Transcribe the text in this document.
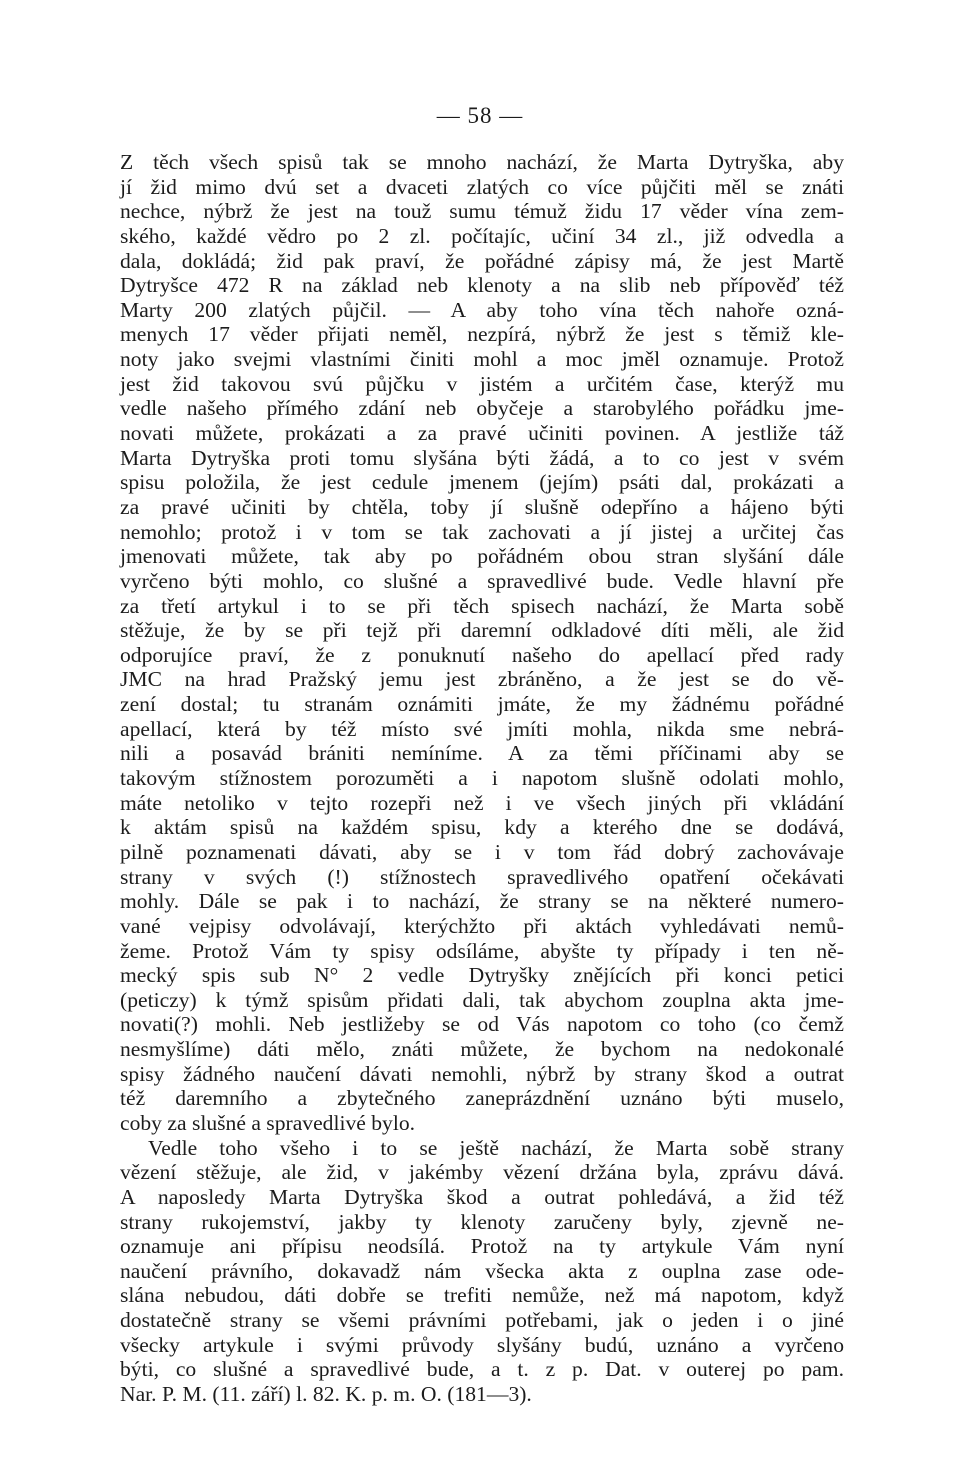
— 58 —
Z těch všech spisů tak se mnoho nachází, že Marta Dytryška, aby
jí žid mimo dvú set a dvaceti zlatých co více půjčiti měl se znáti
nechce, nýbrž že jest na touž sumu témuž židu 17 věder vína zem-
ského, každé vědro po 2 zl. počítajíc, učiní 34 zl., již odvedla a
dala, dokládá; žid pak praví, že pořádné zápisy má, že jest Martě
Dytryšce 472 R na základ neb klenoty a na slib neb přípověď též
Marty 200 zlatých půjčil. — A aby toho vína těch nahoře ozná-
menych 17 věder přijati neměl, nezpírá, nýbrž že jest s těmiž kle-
noty jako svejmi vlastními činiti mohl a moc jměl oznamuje. Protož
jest žid takovou svú půjčku v jistém a určitém čase, kterýž mu
vedle našeho přímého zdání neb obyčeje a starobylého pořádku jme-
novati můžete, prokázati a za pravé učiniti povinen. A jestliže táž
Marta Dytryška proti tomu slyšána býti žádá, a to co jest v svém
spisu položila, že jest cedule jmenem (jejím) psáti dal, prokázati a
za pravé učiniti by chtěla, toby jí slušně odepříno a hájeno býti
nemohlo; protož i v tom se tak zachovati a jí jistej a určitej čas
jmenovati můžete, tak aby po pořádném obou stran slyšání dále
vyrčeno býti mohlo, co slušné a spravedlivé bude. Vedle hlavní pře
za třetí artykul i to se při těch spisech nachází, že Marta sobě
stěžuje, že by se při tejž při daremní odkladové díti měli, ale žid
odporujíce praví, že z ponuknutí našeho do apellací před rady
JMC na hrad Pražský jemu jest zbráněno, a že jest se do vě-
zení dostal; tu stranám oznámiti jmáte, že my žádnému pořádné
apellací, která by též místo své jmíti mohla, nikda sme nebrá-
nili a posavád brániti nemíníme. A za těmi příčinami aby se
takovým stížnostem porozuměti a i napotom slušně odolati mohlo,
máte netoliko v tejto rozepři než i ve všech jiných při vkládání
k aktám spisů na každém spisu, kdy a kterého dne se dodává,
pilně poznamenati dávati, aby se i v tom řád dobrý zachovávaje
strany v svých (!) stížnostech spravedlivého opatření očekávati
mohly. Dále se pak i to nachází, že strany se na některé numero-
vané vejpisy odvolávají, kterýchžto při aktách vyhledávati nemů-
žeme. Protož Vám ty spisy odsíláme, abyšte ty případy i ten ně-
mecký spis sub N° 2 vedle Dytryšky znějících při konci petici
(peticzy) k týmž spisům přidati dali, tak abychom zouplna akta jme-
novati(?) mohli. Neb jestližeby se od Vás napotom co toho (co čemž
nesmyšlíme) dáti mělo, znáti můžete, že bychom na nedokonalé
spisy žádného naučení dávati nemohli, nýbrž by strany škod a outrat
též daremního a zbytečného zaneprázdnění uznáno býti muselo,
coby za slušné a spravedlivé bylo.
Vedle toho všeho i to se ještě nachází, že Marta sobě strany
vězení stěžuje, ale žid, v jakémby vězení držána byla, zprávu dává.
A naposledy Marta Dytryška škod a outrat pohledává, a žid též
strany rukojemství, jakby ty klenoty zaručeny byly, zjevně ne-
oznamuje ani přípisu neodsílá. Protož na ty artykule Vám nyní
naučení právního, dokavadž nám všecka akta z ouplna zase ode-
slána nebudou, dáti dobře se trefiti nemůže, než má napotom, když
dostatečně strany se všemi právními potřebami, jak o jeden i o jiné
všecky artykule i svými průvody slyšány budú, uznáno a vyrčeno
býti, co slušné a spravedlivé bude, a t. z p. Dat. v outerej po pam.
Nar. P. M. (11. září) l. 82. K. p. m. O. (181—3).
